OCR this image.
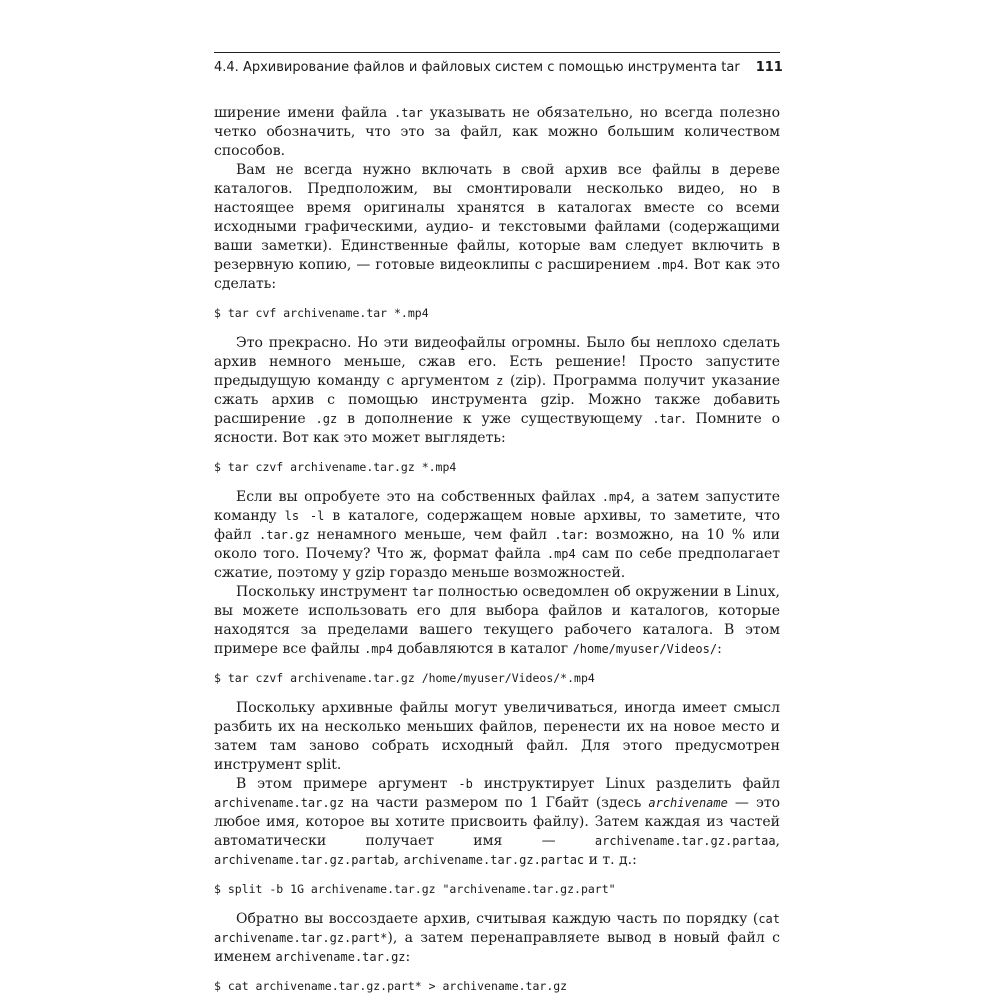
4.4. Архивирование файлов и файловых систем с помощью инструмента tar 111

ширение имени файла .tar указывать не обязательно, но всегда полезно четко обозначить, что это за файл, как можно большим количеством способов.

Вам не всегда нужно включать в свой архив все файлы в дереве каталогов. Предположим, вы смонтировали несколько видео, но в настоящее время оригиналы хранятся в каталогах вместе со всеми исходными графическими, аудио- и текстовыми файлами (содержащими ваши заметки). Единственные файлы, которые вам следует включить в резервную копию, — готовые видеоклипы с расширением .mp4. Вот как это сделать:

$ tar cvf archivename.tar *.mp4

Это прекрасно. Но эти видеофайлы огромны. Было бы неплохо сделать архив немного меньше, сжав его. Есть решение! Просто запустите предыдущую команду с аргументом z (zip). Программа получит указание сжать архив с помощью инструмента gzip. Можно также добавить расширение .gz в дополнение к уже существующему .tar. Помните о ясности. Вот как это может выглядеть:

$ tar czvf archivename.tar.gz *.mp4

Если вы опробуете это на собственных файлах .mp4, а затем запустите команду ls -l в каталоге, содержащем новые архивы, то заметите, что файл .tar.gz ненамного меньше, чем файл .tar: возможно, на 10 % или около того. Почему? Что ж, формат файла .mp4 сам по себе предполагает сжатие, поэтому у gzip гораздо меньше возможностей.

Поскольку инструмент tar полностью осведомлен об окружении в Linux, вы можете использовать его для выбора файлов и каталогов, которые находятся за пределами вашего текущего рабочего каталога. В этом примере все файлы .mp4 добавляются в каталог /home/myuser/Videos/:

$ tar czvf archivename.tar.gz /home/myuser/Videos/*.mp4

Поскольку архивные файлы могут увеличиваться, иногда имеет смысл разбить их на несколько меньших файлов, перенести их на новое место и затем там заново собрать исходный файл. Для этого предусмотрен инструмент split.

В этом примере аргумент -b инструктирует Linux разделить файл archivename.tar.gz на части размером по 1 Гбайт (здесь archivename — это любое имя, которое вы хотите присвоить файлу). Затем каждая из частей автоматически получает имя — archivename.tar.gz.partaa, archivename.tar.gz.partab, archivename.tar.gz.partac и т. д.:

$ split -b 1G archivename.tar.gz "archivename.tar.gz.part"

Обратно вы воссоздаете архив, считывая каждую часть по порядку (cat archivename.tar.gz.part*), а затем перенаправляете вывод в новый файл с именем archivename.tar.gz:

$ cat archivename.tar.gz.part* > archivename.tar.gz
